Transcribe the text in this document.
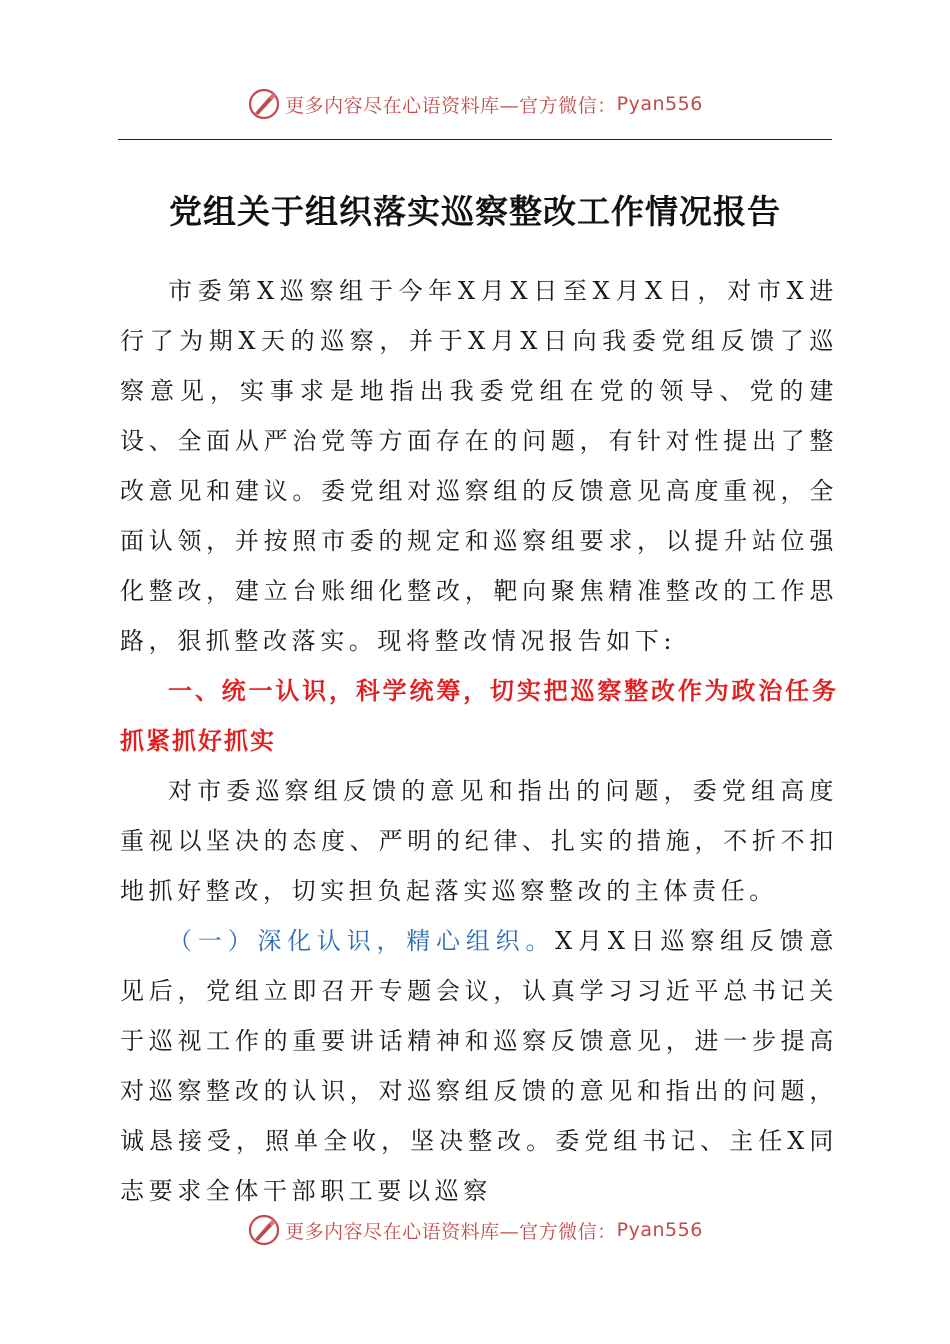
更多内容尽在心语资料库—官方微信： Pyan556
党组关于组织落实巡察整改工作情况报告

市委第X巡察组于今年X月X日至X月X日，对市X进行了为期X天的巡察，并于X月X日向我委党组反馈了巡察意见，实事求是地指出我委党组在党的领导、党的建设、全面从严治党等方面存在的问题，有针对性提出了整改意见和建议。委党组对巡察组的反馈意见高度重视，全面认领，并按照市委的规定和巡察组要求，以提升站位强化整改，建立台账细化整改，靶向聚焦精准整改的工作思路，狠抓整改落实。现将整改情况报告如下:

一、统一认识，科学统筹，切实把巡察整改作为政治任务抓紧抓好抓实

对市委巡察组反馈的意见和指出的问题，委党组高度重视以坚决的态度、严明的纪律、扎实的措施，不折不扣地抓好整改，切实担负起落实巡察整改的主体责任。

（一）深化认识，精心组织。X月X日巡察组反馈意见后，党组立即召开专题会议，认真学习习近平总书记关于巡视工作的重要讲话精神和巡察反馈意见，进一步提高对巡察整改的认识，对巡察组反馈的意见和指出的问题，诚恳接受，照单全收，坚决整改。委党组书记、主任X同志要求全体干部职工要以巡察

更多内容尽在心语资料库—官方微信： Pyan556
